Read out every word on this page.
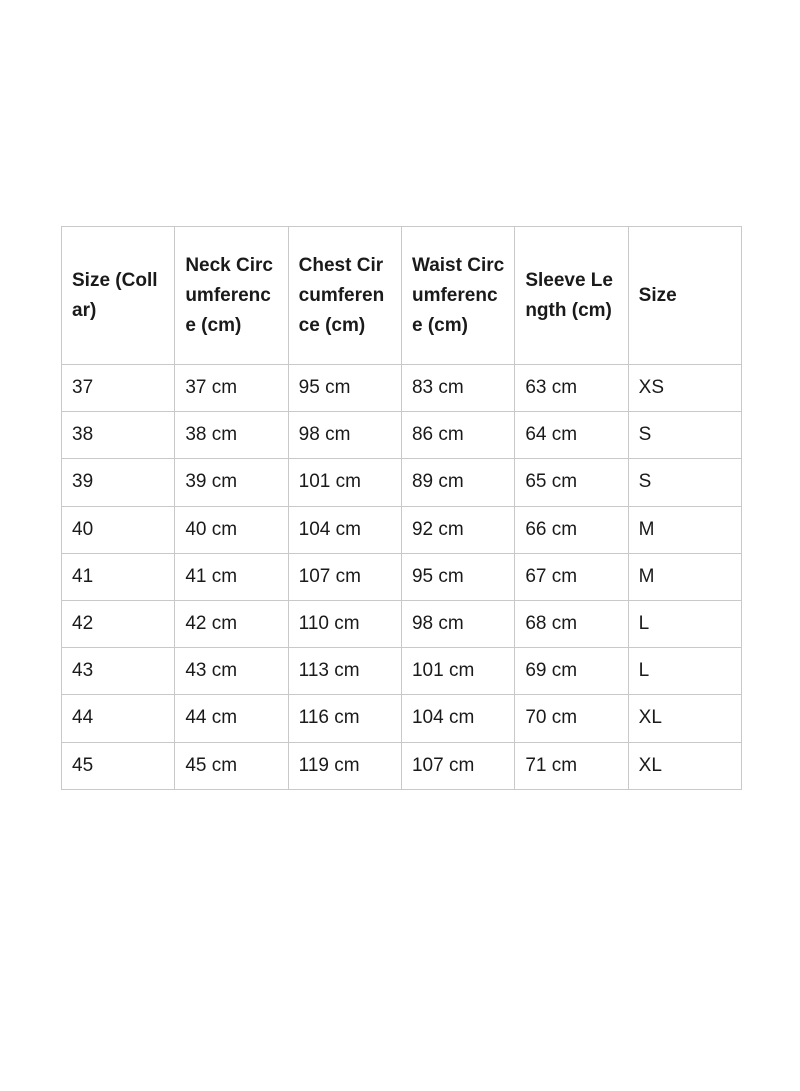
Size (Collar)	Neck Circumference (cm)	Chest Circumference (cm)	Waist Circumference (cm)	Sleeve Length (cm)	Size
37	37 cm	95 cm	83 cm	63 cm	XS
38	38 cm	98 cm	86 cm	64 cm	S
39	39 cm	101 cm	89 cm	65 cm	S
40	40 cm	104 cm	92 cm	66 cm	M
41	41 cm	107 cm	95 cm	67 cm	M
42	42 cm	110 cm	98 cm	68 cm	L
43	43 cm	113 cm	101 cm	69 cm	L
44	44 cm	116 cm	104 cm	70 cm	XL
45	45 cm	119 cm	107 cm	71 cm	XL
